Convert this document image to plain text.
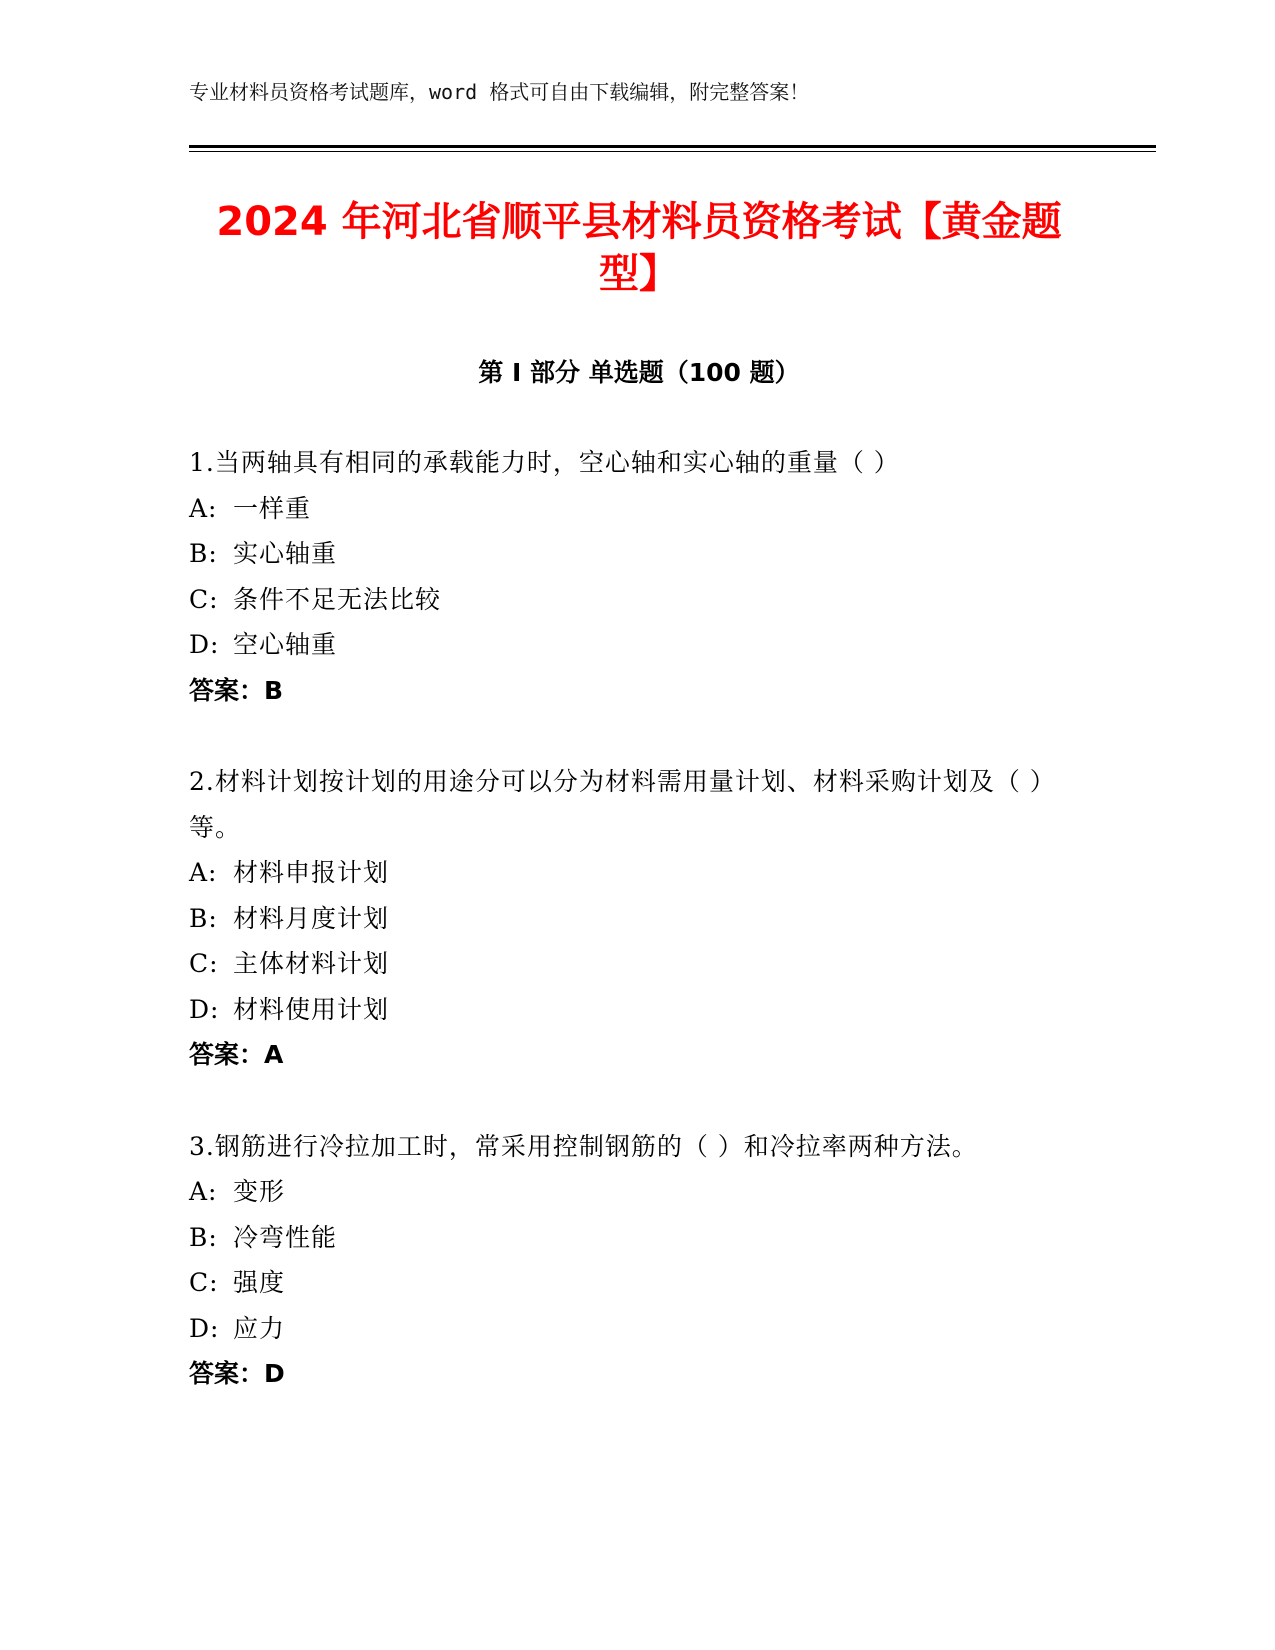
专业材料员资格考试题库，word 格式可自由下载编辑，附完整答案！
2024 年河北省顺平县材料员资格考试【黄金题型】
第 I 部分 单选题（100 题）

1.当两轴具有相同的承载能力时，空心轴和实心轴的重量（ ）

A: 一样重

B: 实心轴重

C: 条件不足无法比较

D: 空心轴重

答案：B

2.材料计划按计划的用途分可以分为材料需用量计划、材料采购计划及（ ）等。

A: 材料申报计划

B: 材料月度计划

C: 主体材料计划

D: 材料使用计划

答案：A

3.钢筋进行冷拉加工时，常采用控制钢筋的（ ）和冷拉率两种方法。

A: 变形

B: 冷弯性能

C: 强度

D: 应力

答案：D
